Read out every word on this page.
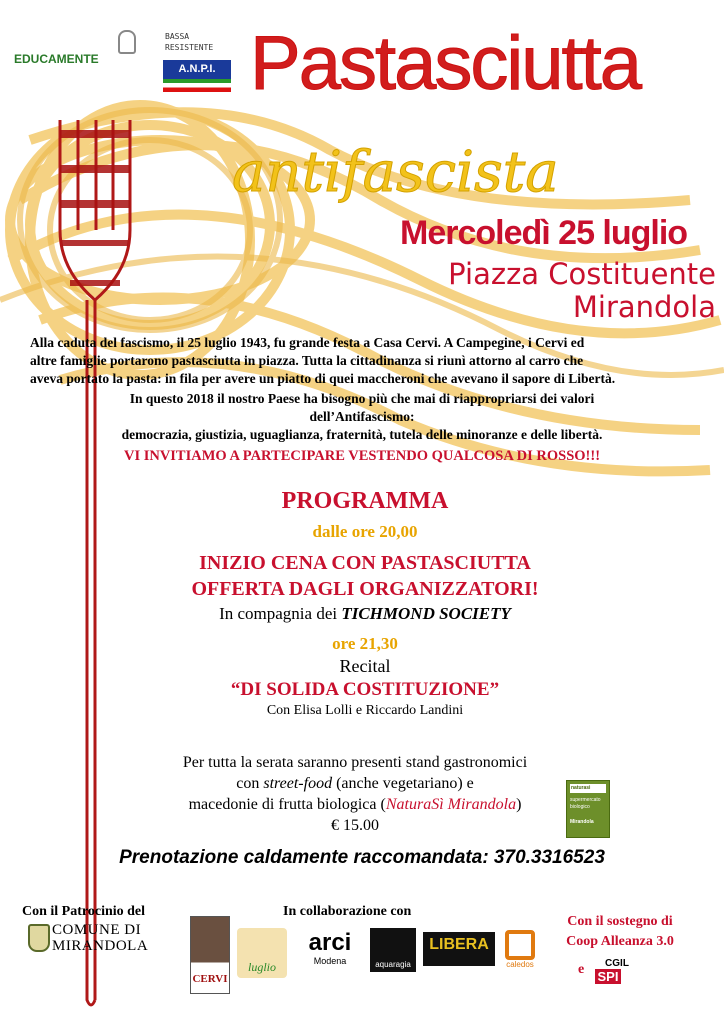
EDUCAMENTE
BASSA RESISTENTE
A.N.P.I. Pastasciutta
antifascista
Mercoledì 25 luglio
Piazza Costituente
Mirandola
Alla caduta del fascismo, il 25 luglio 1943, fu grande festa a Casa Cervi. A Campegine, i Cervi ed
altre famiglie portarono pastasciutta in piazza. Tutta la cittadinanza si riunì attorno al carro che
aveva portato la pasta: in fila per avere un piatto di quei maccheroni che avevano il sapore di Libertà.
In questo 2018 il nostro Paese ha bisogno più che mai di riappropriarsi dei valori
dell’Antifascismo:
democrazia, giustizia, uguaglianza, fraternità, tutela delle minoranze e delle libertà.
VI INVITIAMO A PARTECIPARE VESTENDO QUALCOSA DI ROSSO!!!
PROGRAMMA
dalle ore 20,00
INIZIO CENA CON PASTASCIUTTA
OFFERTA DAGLI ORGANIZZATORI!
In compagnia dei TICHMOND SOCIETY
ore 21,30
Recital
“DI SOLIDA COSTITUZIONE”
Con Elisa Lolli e Riccardo Landini
Per tutta la serata saranno presenti stand gastronomici
con street-food (anche vegetariano) e
macedonie di frutta biologica (NaturaSì Mirandola)
€ 15.00
naturasì
supermercato biologico
Mirandola
Prenotazione caldamente raccomandata: 370.3316523
Con il Patrocinio del
COMUNE DI
MIRANDOLA
In collaborazione con
CERVI
luglio
arci
Modena	aquaragia
LIBERA
caledos
Con il sostegno di
Coop Alleanza 3.0
e	CGIL
SPI
